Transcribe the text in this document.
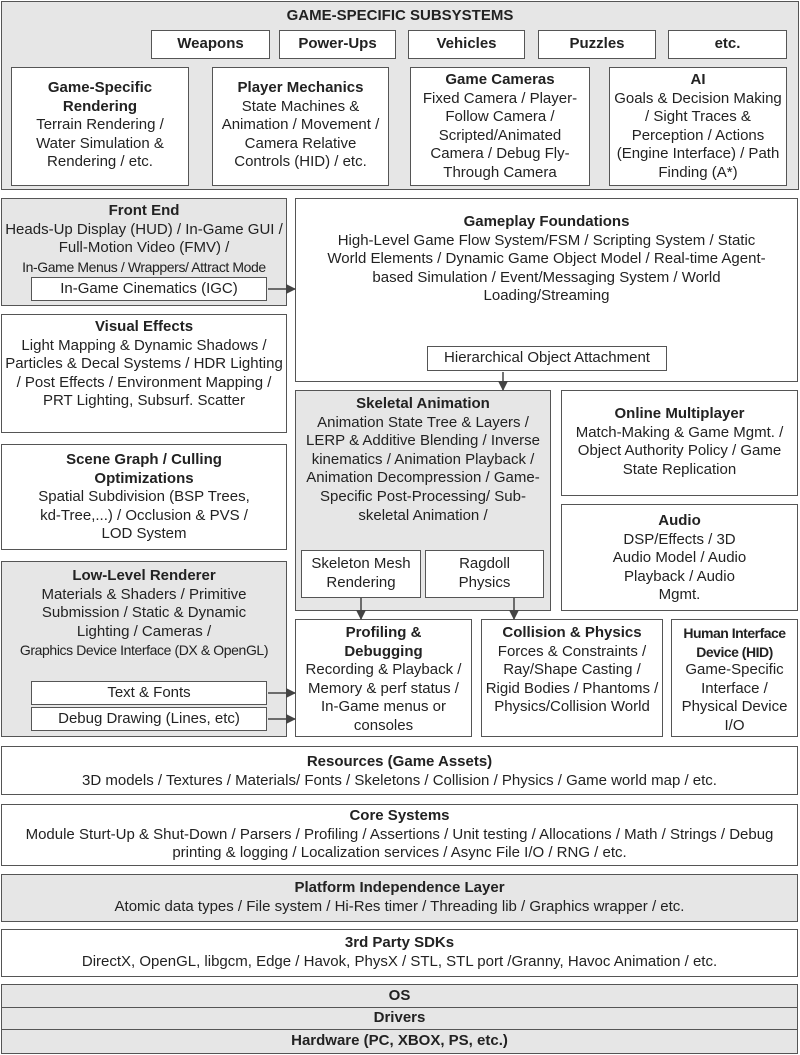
GAME-SPECIFIC SUBSYSTEMS
Weapons	Power-Ups	Vehicles	Puzzles	etc.
Game-Specific Rendering
Terrain Rendering / Water Simulation & Rendering / etc.
Player Mechanics
State Machines & Animation / Movement / Camera Relative Controls (HID) / etc.
Game Cameras
Fixed Camera / Player-Follow Camera / Scripted/Animated Camera / Debug Fly-Through Camera
AI
Goals & Decision Making / Sight Traces & Perception / Actions (Engine Interface) / Path Finding (A*)
Front End
Heads-Up Display (HUD) / In-Game GUI / Full-Motion Video (FMV) /
In-Game Menus / Wrappers/ Attract Mode
In-Game Cinematics (IGC)
Gameplay Foundations
High-Level Game Flow System/FSM / Scripting System / Static World Elements / Dynamic Game Object Model / Real-time Agent-based Simulation / Event/Messaging System / World Loading/Streaming
Hierarchical Object Attachment
Visual Effects
Light Mapping & Dynamic Shadows / Particles & Decal Systems / HDR Lighting / Post Effects / Environment Mapping / PRT Lighting, Subsurf. Scatter
Scene Graph / Culling Optimizations
Spatial Subdivision (BSP Trees, kd-Tree,...) / Occlusion & PVS / LOD System
Low-Level Renderer
Materials & Shaders / Primitive Submission / Static & Dynamic Lighting / Cameras /
Graphics Device Interface (DX & OpenGL)
Text & Fonts
Debug Drawing (Lines, etc)
Skeletal Animation
Animation State Tree & Layers / LERP & Additive Blending / Inverse kinematics / Animation Playback / Animation Decompression / Game-Specific Post-Processing/ Sub-skeletal Animation /
Skeleton Mesh Rendering
Ragdoll Physics
Online Multiplayer
Match-Making & Game Mgmt. / Object Authority Policy / Game State Replication
Audio
DSP/Effects / 3D Audio Model / Audio Playback / Audio Mgmt.
Profiling & Debugging
Recording & Playback / Memory & perf status / In-Game menus or consoles
Collision & Physics
Forces & Constraints / Ray/Shape Casting / Rigid Bodies / Phantoms / Physics/Collision World
Human Interface Device (HID)
Game-Specific Interface / Physical Device I/O
Resources (Game Assets)
3D models / Textures / Materials/ Fonts / Skeletons / Collision / Physics / Game world map / etc.
Core Systems
Module Sturt-Up & Shut-Down / Parsers / Profiling / Assertions / Unit testing / Allocations / Math / Strings / Debug printing & logging / Localization services / Async File I/O / RNG / etc.
Platform Independence Layer
Atomic data types / File system / Hi-Res timer / Threading lib / Graphics wrapper / etc.
3rd Party SDKs
DirectX, OpenGL, libgcm, Edge / Havok, PhysX / STL, STL port /Granny, Havoc Animation / etc.
OS
Drivers
Hardware (PC, XBOX, PS, etc.)
